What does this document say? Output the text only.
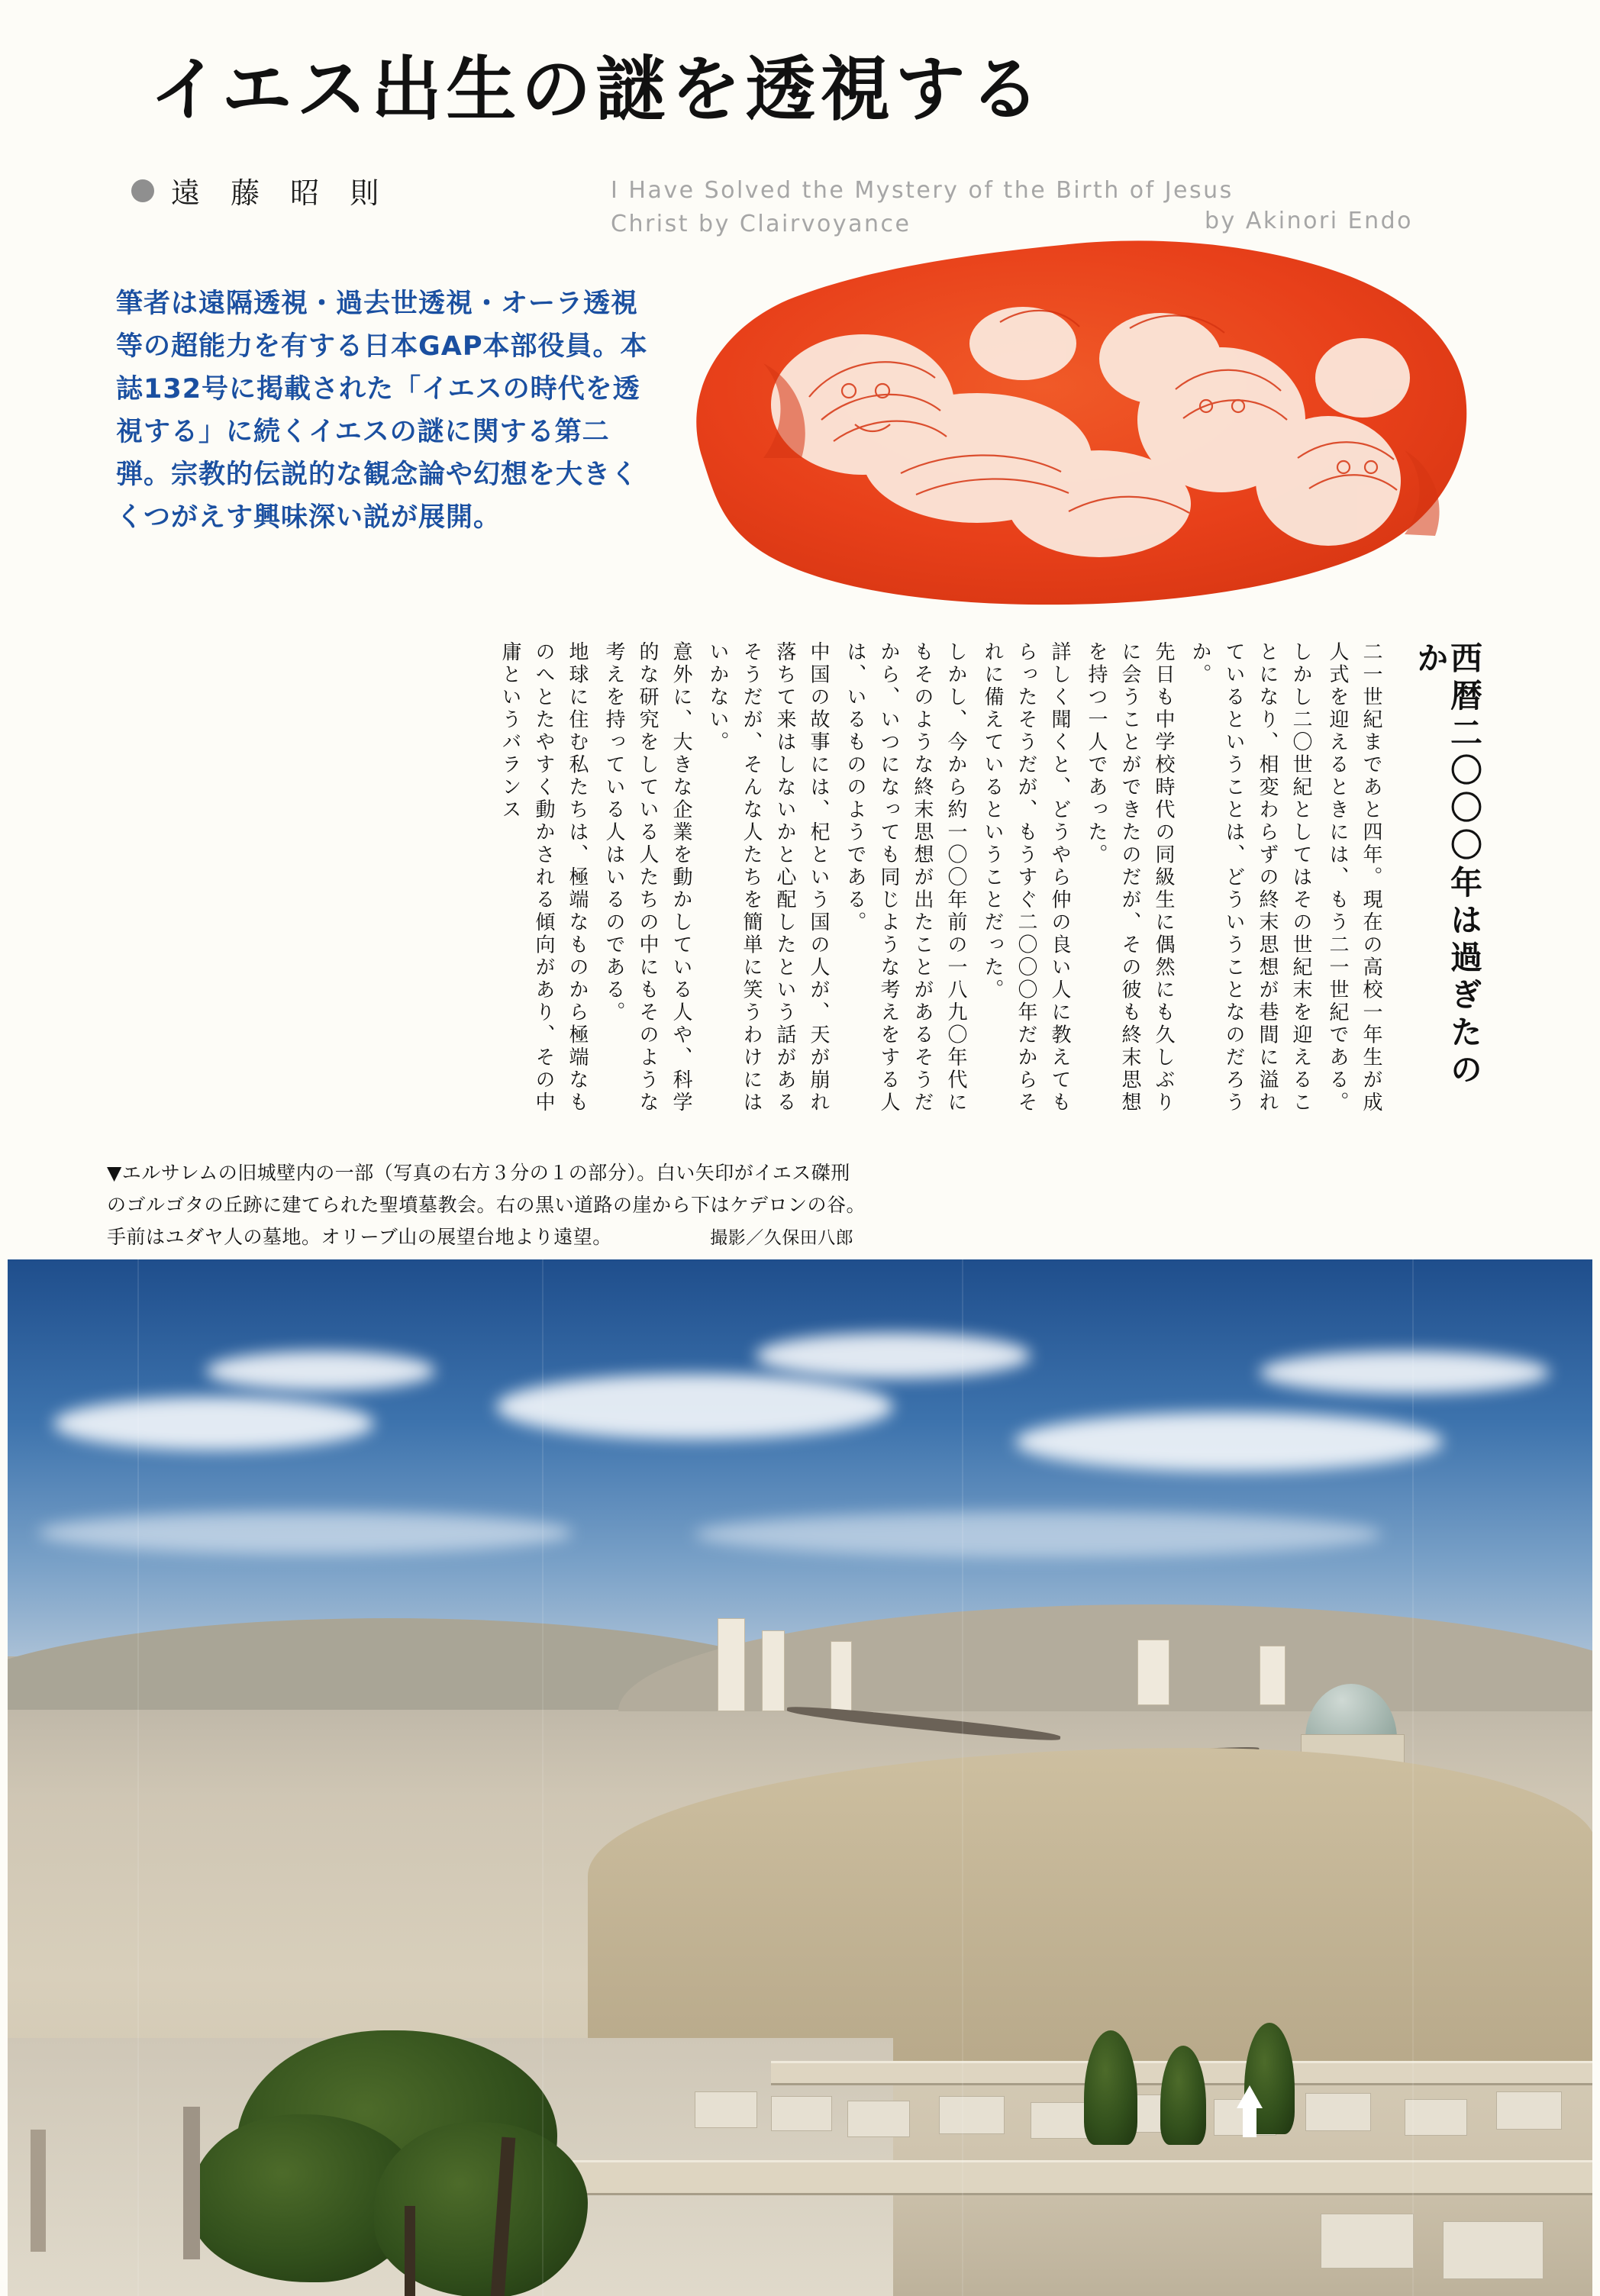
イエス出生の謎を透視する
遠 藤 昭 則	I Have Solved the Mystery of the Birth of Jesus
Christ by Clairvoyance	by Akinori Endo
筆者は遠隔透視・過去世透視・オーラ透視等の超能力を有する日本GAP本部役員。本誌132号に掲載された「イエスの時代を透視する」に続くイエスの謎に関する第二弾。宗教的伝説的な観念論や幻想を大きくくつがえす興味深い説が展開。
西暦二〇〇〇年は過ぎたのか
二一世紀まであと四年。現在の高校一年生が成人式を迎えるときには、もう二一世紀である。
しかし二〇世紀としてはその世紀末を迎えることになり、相変わらずの終末思想が巷間に溢れているということは、どういうことなのだろうか。
先日も中学校時代の同級生に偶然にも久しぶりに会うことができたのだが、その彼も終末思想を持つ一人であった。
詳しく聞くと、どうやら仲の良い人に教えてもらったそうだが、もうすぐ二〇〇〇年だからそれに備えているということだった。
しかし、今から約一〇〇年前の一八九〇年代にもそのような終末思想が出たことがあるそうだから、いつになっても同じような考えをする人は、いるもののようである。
中国の故事には、杞という国の人が、天が崩れ落ちて来はしないかと心配したという話があるそうだが、そんな人たちを簡単に笑うわけにはいかない。
意外に、大きな企業を動かしている人や、科学的な研究をしている人たちの中にもそのような考えを持っている人はいるのである。
地球に住む私たちは、極端なものから極端なものへとたやすく動かされる傾向があり、その中庸というバランス
▼エルサレムの旧城壁内の一部（写真の右方３分の１の部分）。白い矢印がイエス磔刑
のゴルゴタの丘跡に建てられた聖墳墓教会。右の黒い道路の崖から下はケデロンの谷。
手前はユダヤ人の墓地。オリーブ山の展望台地より遠望。	撮影／久保田八郎
